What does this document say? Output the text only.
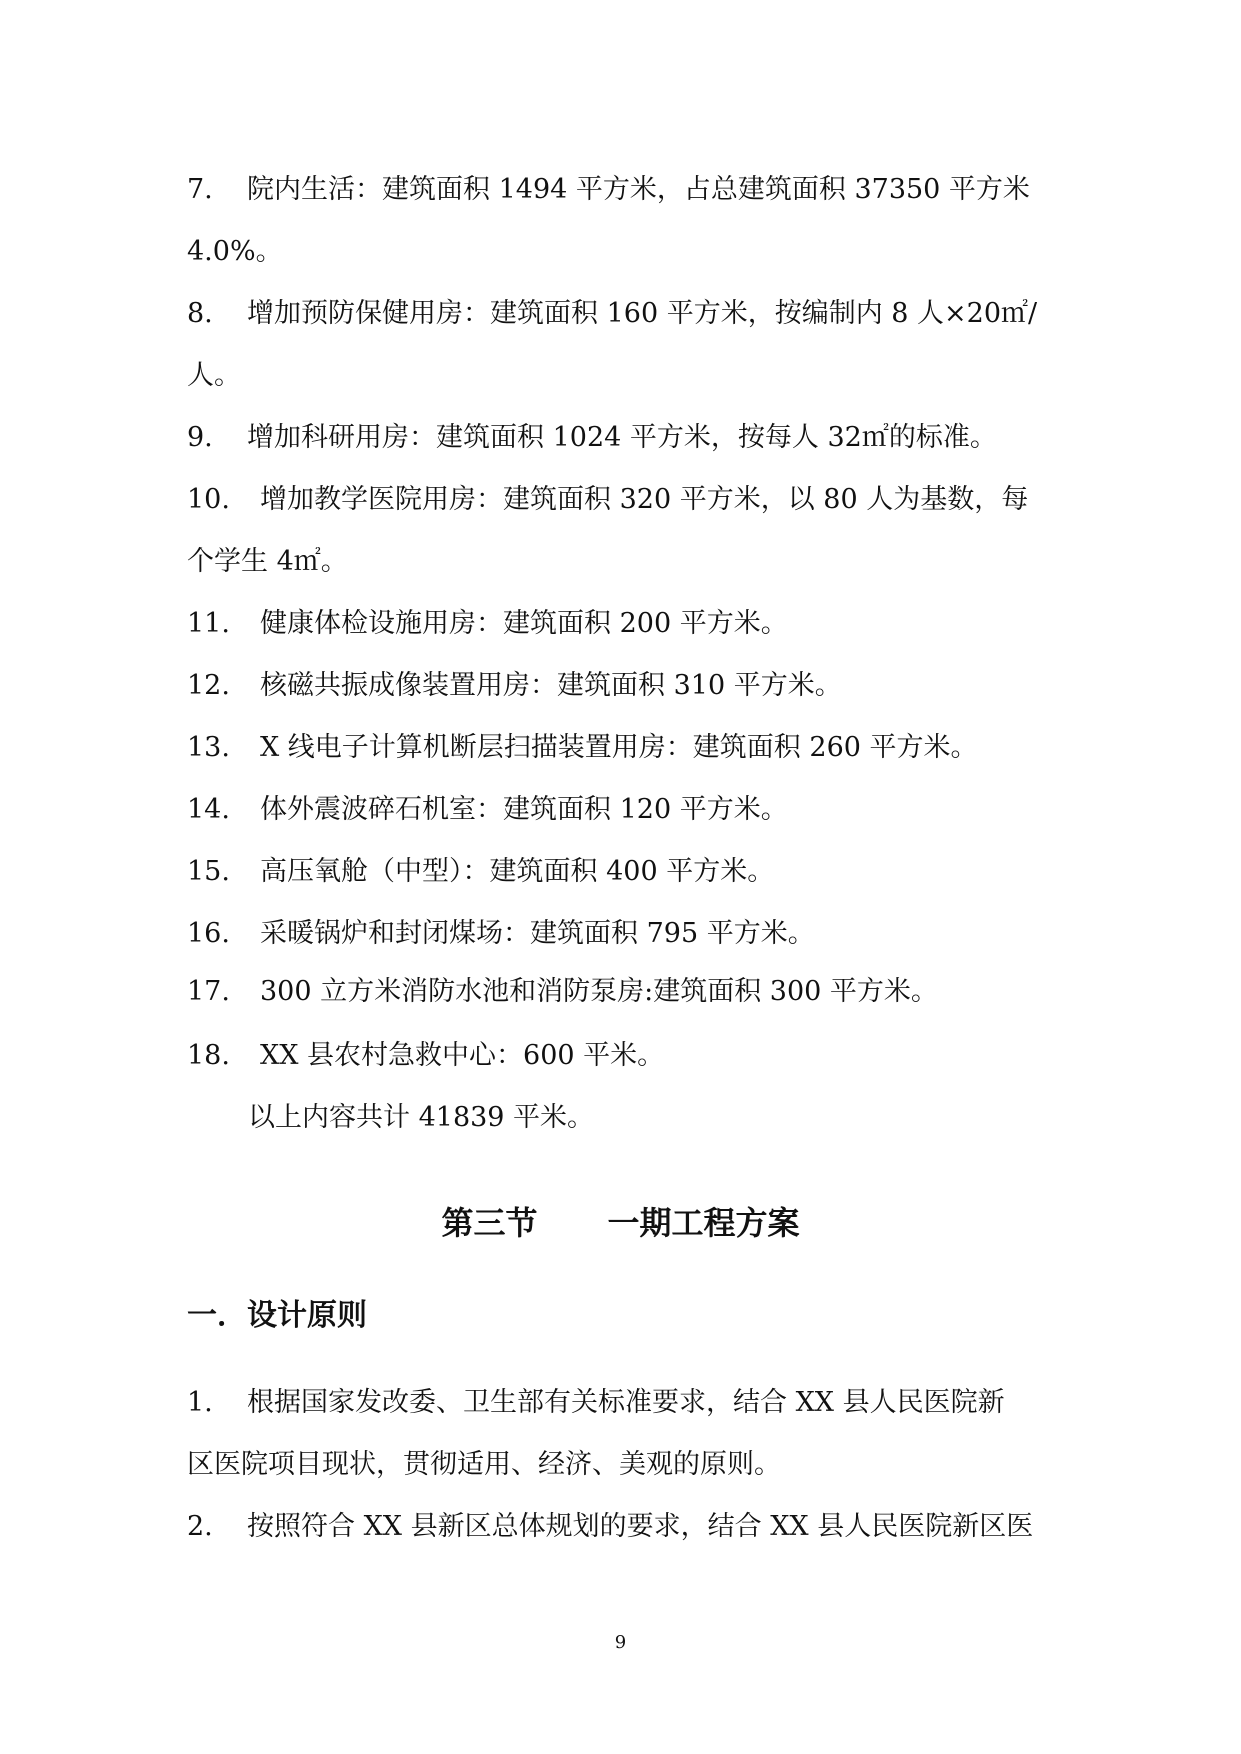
7. 院内生活：建筑面积 1494 平方米，占总建筑面积 37350 平方米
4.0%。
8. 增加预防保健用房：建筑面积 160 平方米，按编制内 8 人×20㎡/
人。
9. 增加科研用房：建筑面积 1024 平方米，按每人 32㎡的标准。
10. 增加教学医院用房：建筑面积 320 平方米，以 80 人为基数，每
个学生 4㎡。
11. 健康体检设施用房：建筑面积 200 平方米。
12. 核磁共振成像装置用房：建筑面积 310 平方米。
13. X 线电子计算机断层扫描装置用房：建筑面积 260 平方米。
14. 体外震波碎石机室：建筑面积 120 平方米。
15. 高压氧舱（中型）：建筑面积 400 平方米。
16. 采暖锅炉和封闭煤场：建筑面积 795 平方米。
17. 300 立方米消防水池和消防泵房:建筑面积 300 平方米。
18. XX 县农村急救中心：600 平米。
以上内容共计 41839 平米。
第三节 一期工程方案
一．设计原则
1. 根据国家发改委、卫生部有关标准要求，结合 XX 县人民医院新
区医院项目现状，贯彻适用、经济、美观的原则。
2. 按照符合 XX 县新区总体规划的要求，结合 XX 县人民医院新区医
9
